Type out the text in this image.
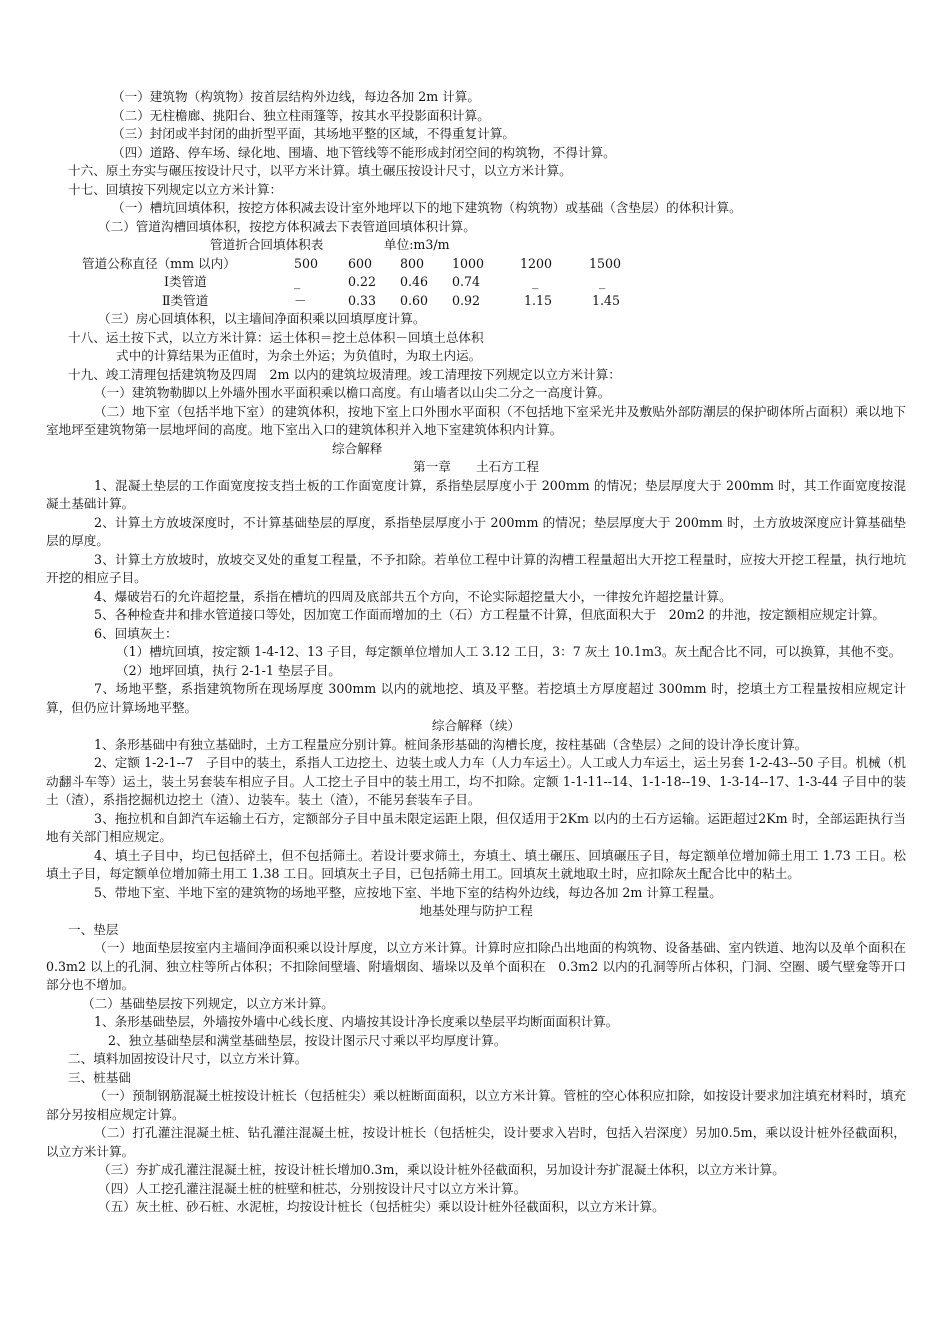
（一）建筑物（构筑物）按首层结构外边线，每边各加 2m 计算。
（二）无柱檐廊、挑阳台、独立柱雨篷等，按其水平投影面积计算。
（三）封闭或半封闭的曲折型平面，其场地平整的区域，不得重复计算。
（四）道路、停车场、绿化地、围墙、地下管线等不能形成封闭空间的构筑物，不得计算。
十六、原土夯实与碾压按设计尺寸，以平方米计算。填土碾压按设计尺寸，以立方米计算。
十七、回填按下列规定以立方米计算：
（一）槽坑回填体积，按挖方体积减去设计室外地坪以下的地下建筑物（构筑物）或基础（含垫层）的体积计算。
（二）管道沟槽回填体积，按挖方体积减去下表管道回填体积计算。
管道折合回填体积表	单位:m3/m
管道公称直径（mm 以内）	500 600 800 1000	1200	1500
Ⅰ类管道	_	0.22 0.46 0.74	_	_
Ⅱ类管道	－	0.33 0.60 0.92	1.15	1.45
（三）房心回填体积，以主墙间净面积乘以回填厚度计算。
十八、运土按下式，以立方米计算：运土体积＝挖土总体积－回填土总体积
式中的计算结果为正值时，为余土外运；为负值时，为取土内运。
十九、竣工清理包括建筑物及四周　2m 以内的建筑垃圾清理。竣工清理按下列规定以立方米计算：
（一）建筑物勒脚以上外墙外围水平面积乘以檐口高度。有山墙者以山尖二分之一高度计算。
（二）地下室（包括半地下室）的建筑体积，按地下室上口外围水平面积（不包括地下室采光井及敷贴外部防潮层的保护砌体所占面积）乘以地下室地坪至建筑物第一层地坪间的高度。地下室出入口的建筑体积并入地下室建筑体积内计算。
综合解释
第一章　　土石方工程
1、混凝土垫层的工作面宽度按支挡土板的工作面宽度计算，系指垫层厚度小于 200mm 的情况；垫层厚度大于 200mm 时，其工作面宽度按混凝土基础计算。
2、计算土方放坡深度时，不计算基础垫层的厚度，系指垫层厚度小于 200mm 的情况；垫层厚度大于 200mm 时，土方放坡深度应计算基础垫层的厚度。
3、计算土方放坡时，放坡交叉处的重复工程量，不予扣除。若单位工程中计算的沟槽工程量超出大开挖工程量时，应按大开挖工程量，执行地坑开挖的相应子目。
4、爆破岩石的允许超挖量，系指在槽坑的四周及底部共五个方向，不论实际超挖量大小，一律按允许超挖量计算。
5、各种检查井和排水管道接口等处，因加宽工作面而增加的土（石）方工程量不计算，但底面积大于　20m2 的井池，按定额相应规定计算。
6、回填灰土：
（1）槽坑回填，按定额 1-4-12、13 子目，每定额单位增加人工 3.12 工日，3：7 灰土 10.1m3。灰土配合比不同，可以换算，其他不变。
（2）地坪回填，执行 2-1-1 垫层子目。
7、场地平整，系指建筑物所在现场厚度 300mm 以内的就地挖、填及平整。若挖填土方厚度超过 300mm 时，挖填土方工程量按相应规定计算，但仍应计算场地平整。
综合解释（续）
1、条形基础中有独立基础时，土方工程量应分别计算。桩间条形基础的沟槽长度，按柱基础（含垫层）之间的设计净长度计算。
2、定额 1-2-1--7　子目中的装土，系指人工边挖土、边装土或人力车（人力车运土）。人工或人力车运土，运土另套 1-2-43--50 子目。机械（机动翻斗车等）运土，装土另套装车相应子目。人工挖土子目中的装土用工，均不扣除。定额 1-1-11--14、1-1-18--19、1-3-14--17、1-3-44 子目中的装土（渣），系指挖掘机边挖土（渣）、边装车。装土（渣），不能另套装车子目。
3、拖拉机和自卸汽车运输土石方，定额部分子目中虽未限定运距上限，但仅适用于2Km 以内的土石方运输。运距超过2Km 时，全部运距执行当地有关部门相应规定。
4、填土子目中，均已包括碎土，但不包括筛土。若设计要求筛土，夯填土、填土碾压、回填碾压子目，每定额单位增加筛土用工 1.73 工日。松填土子目，每定额单位增加筛土用工 1.38 工日。回填灰土子目，已包括筛土用工。回填灰土就地取土时，应扣除灰土配合比中的粘土。
5、带地下室、半地下室的建筑物的场地平整，应按地下室、半地下室的结构外边线，每边各加 2m 计算工程量。
地基处理与防护工程
一、垫层
（一）地面垫层按室内主墙间净面积乘以设计厚度，以立方米计算。计算时应扣除凸出地面的构筑物、设备基础、室内铁道、地沟以及单个面积在 0.3m2 以上的孔洞、独立柱等所占体积；不扣除间壁墙、附墙烟囱、墙垛以及单个面积在　0.3m2 以内的孔洞等所占体积，门洞、空圈、暖气壁龛等开口部分也不增加。
（二）基础垫层按下列规定，以立方米计算。
1、条形基础垫层，外墙按外墙中心线长度、内墙按其设计净长度乘以垫层平均断面面积计算。
2、独立基础垫层和满堂基础垫层，按设计图示尺寸乘以平均厚度计算。
二、填料加固按设计尺寸，以立方米计算。
三、桩基础
（一）预制钢筋混凝土桩按设计桩长（包括桩尖）乘以桩断面面积，以立方米计算。管桩的空心体积应扣除，如按设计要求加注填充材料时，填充部分另按相应规定计算。
（二）打孔灌注混凝土桩、钻孔灌注混凝土桩，按设计桩长（包括桩尖，设计要求入岩时，包括入岩深度）另加0.5m，乘以设计桩外径截面积，以立方米计算。
（三）夯扩成孔灌注混凝土桩，按设计桩长增加0.3m，乘以设计桩外径截面积，另加设计夯扩混凝土体积，以立方米计算。
（四）人工挖孔灌注混凝土桩的桩壁和桩芯，分别按设计尺寸以立方米计算。
（五）灰土桩、砂石桩、水泥桩，均按设计桩长（包括桩尖）乘以设计桩外径截面积，以立方米计算。
